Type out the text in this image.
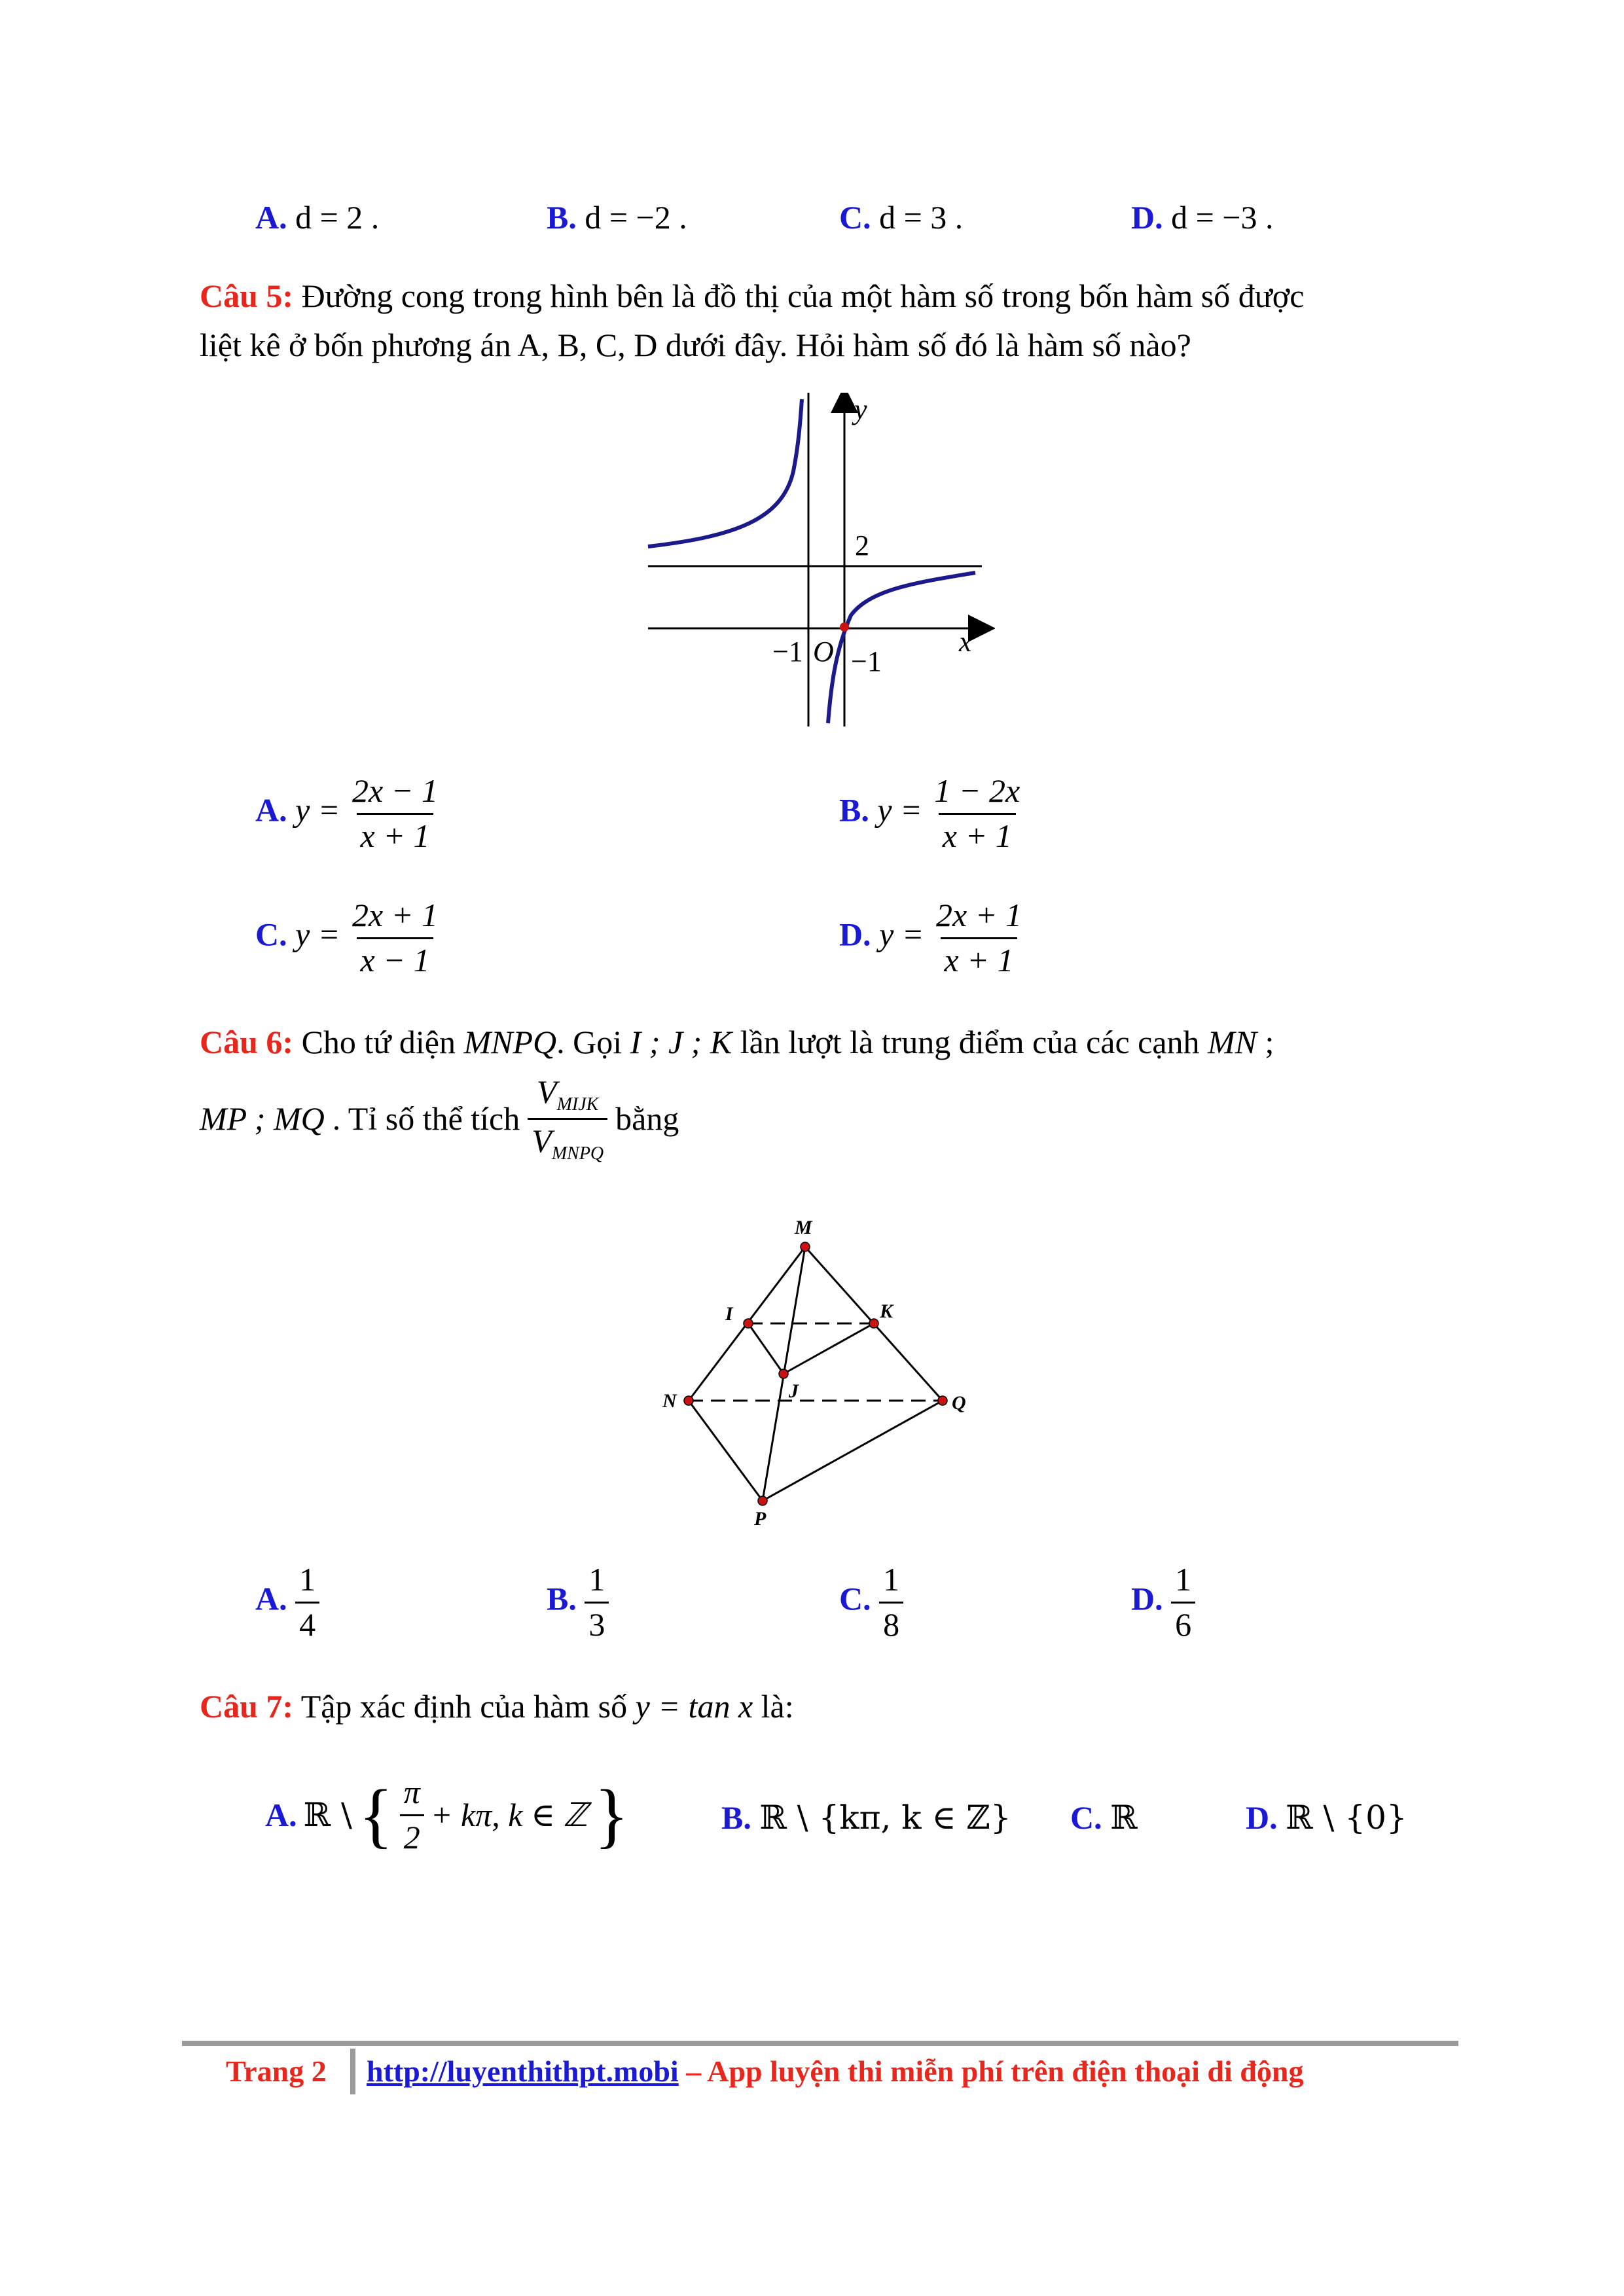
A. d = 2 .	B. d = −2 .	C. d = 3 .	D. d = −3 .
Câu 5: Đường cong trong hình bên là đồ thị của một hàm số trong bốn hàm số được
liệt kê ở bốn phương án A, B, C, D dưới đây. Hỏi hàm số đó là hàm số nào?
2
−1 O −1
x
y
A. $y = \frac{2x - 1}{x + 1}$	B. $y = \frac{1 - 2x}{x + 1}$
C. $y = \frac{2x + 1}{x - 1}$	D. $y = \frac{2x + 1}{x + 1}$
Câu 6: Cho tứ diện MNPQ. Gọi I ; J ; K lần lượt là trung điểm của các cạnh MN ;
MP ; MQ . Tỉ số thể tích $\frac{V_{MIJK}}{V_{MNPQ}}$ bằng
M
I	K
J
N	Q
P
A. $\frac{1}{4}$	B. $\frac{1}{3}$	C. $\frac{1}{8}$	D. $\frac{1}{6}$
Câu 7: Tập xác định của hàm số y = tan x là:
A. ℝ \ { $\frac{\pi}{2} + k\pi$, k ∈ ℤ }	B. ℝ \ {kπ, k ∈ ℤ} C. ℝ	D. ℝ \ {0}
Trang 2 http://luyenthithpt.mobi – App luyện thi miễn phí trên điện thoại di động
